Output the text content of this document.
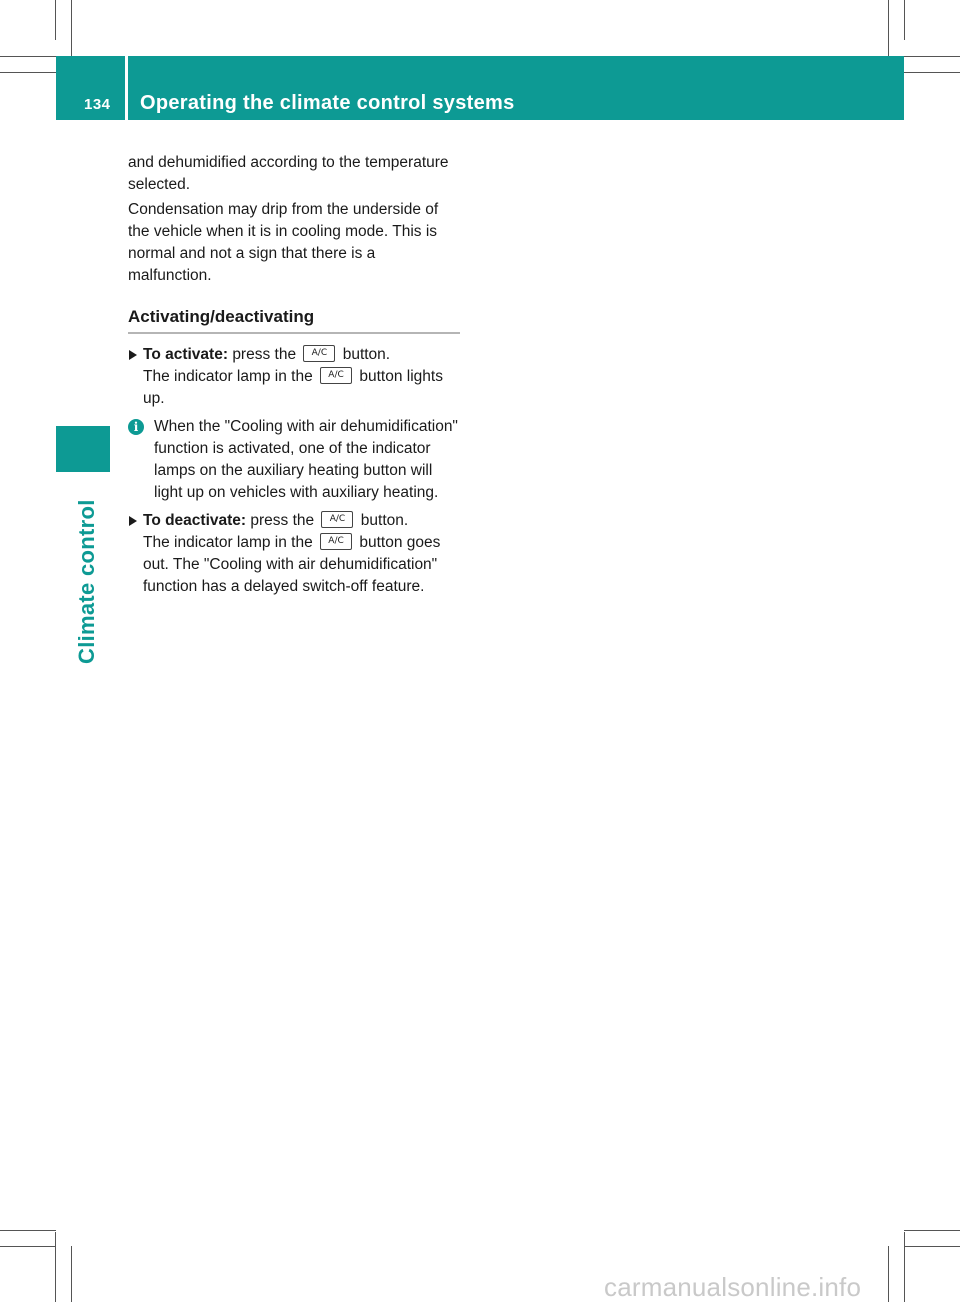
134 Operating the climate control systems
Climate control

and dehumidified according to the temperature selected.

Condensation may drip from the underside of the vehicle when it is in cooling mode. This is normal and not a sign that there is a malfunction.

Activating/deactivating
To activate: press the A/C button.
The indicator lamp in the A/C button lights up.
i	When the "Cooling with air dehumidification" function is activated, one of the indicator lamps on the auxiliary heating button will light up on vehicles with auxiliary heating.
To deactivate: press the A/C button.
The indicator lamp in the A/C button goes out. The "Cooling with air dehumidification" function has a delayed switch-off feature.
carmanualsonline.info
